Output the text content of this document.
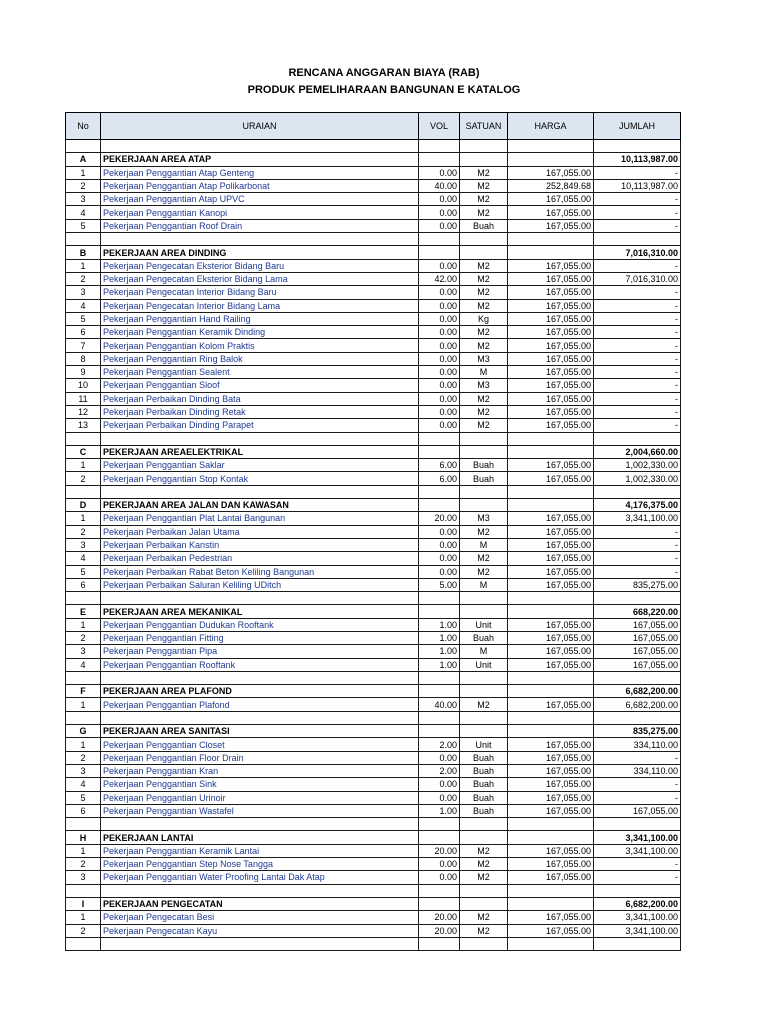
RENCANA ANGGARAN BIAYA (RAB)
PRODUK PEMELIHARAAN BANGUNAN E KATALOG
No	URAIAN	VOL	SATUAN	HARGA	JUMLAH

A	PEKERJAAN AREA ATAP				10,113,987.00
1	Pekerjaan Penggantian Atap Genteng	0.00	M2	167,055.00	-
2	Pekerjaan Penggantian Atap Polikarbonat	40.00	M2	252,849.68	10,113,987.00
3	Pekerjaan Penggantian Atap UPVC	0.00	M2	167,055.00	-
4	Pekerjaan Penggantian Kanopi	0.00	M2	167,055.00	-
5	Pekerjaan Penggantian Roof Drain	0.00	Buah	167,055.00	-

B	PEKERJAAN AREA DINDING				7,016,310.00
1	Pekerjaan Pengecatan Eksterior Bidang Baru	0.00	M2	167,055.00	-
2	Pekerjaan Pengecatan Eksterior Bidang Lama	42.00	M2	167,055.00	7,016,310.00
3	Pekerjaan Pengecatan Interior Bidang Baru	0.00	M2	167,055.00	-
4	Pekerjaan Pengecatan Interior Bidang Lama	0.00	M2	167,055.00	-
5	Pekerjaan Penggantian Hand Railing	0.00	Kg	167,055.00	-
6	Pekerjaan Penggantian Keramik Dinding	0.00	M2	167,055.00	-
7	Pekerjaan Penggantian Kolom Praktis	0.00	M2	167,055.00	-
8	Pekerjaan Penggantian Ring Balok	0.00	M3	167,055.00	-
9	Pekerjaan Penggantian Sealent	0.00	M	167,055.00	-
10	Pekerjaan Penggantian Sloof	0.00	M3	167,055.00	-
11	Pekerjaan Perbaikan Dinding Bata	0.00	M2	167,055.00	-
12	Pekerjaan Perbaikan Dinding Retak	0.00	M2	167,055.00	-
13	Pekerjaan Perbaikan Dinding Parapet	0.00	M2	167,055.00	-

C	PEKERJAAN AREAELEKTRIKAL				2,004,660.00
1	Pekerjaan Penggantian Saklar	6.00	Buah	167,055.00	1,002,330.00
2	Pekerjaan Penggantian Stop Kontak	6.00	Buah	167,055.00	1,002,330.00

D	PEKERJAAN AREA JALAN DAN KAWASAN				4,176,375.00
1	Pekerjaan Penggantian Plat Lantai Bangunan	20.00	M3	167,055.00	3,341,100.00
2	Pekerjaan Perbaikan Jalan Utama	0.00	M2	167,055.00	-
3	Pekerjaan Perbaikan Kanstin	0.00	M	167,055.00	-
4	Pekerjaan Perbaikan Pedestrian	0.00	M2	167,055.00	-
5	Pekerjaan Perbaikan Rabat Beton Keliling Bangunan	0.00	M2	167,055.00	-
6	Pekerjaan Perbaikan Saluran Keliling UDitch	5.00	M	167,055.00	835,275.00

E	PEKERJAAN AREA MEKANIKAL				668,220.00
1	Pekerjaan Penggantian Dudukan Rooftank	1.00	Unit	167,055.00	167,055.00
2	Pekerjaan Penggantian Fitting	1.00	Buah	167,055.00	167,055.00
3	Pekerjaan Penggantian Pipa	1.00	M	167,055.00	167,055.00
4	Pekerjaan Penggantian Rooftank	1.00	Unit	167,055.00	167,055.00

F	PEKERJAAN AREA PLAFOND				6,682,200.00
1	Pekerjaan Penggantian Plafond	40.00	M2	167,055.00	6,682,200.00

G	PEKERJAAN AREA SANITASI				835,275.00
1	Pekerjaan Penggantian Closet	2.00	Unit	167,055.00	334,110.00
2	Pekerjaan Penggantian Floor Drain	0.00	Buah	167,055.00	-
3	Pekerjaan Penggantian Kran	2.00	Buah	167,055.00	334,110.00
4	Pekerjaan Penggantian Sink	0.00	Buah	167,055.00	-
5	Pekerjaan Penggantian Urinoir	0.00	Buah	167,055.00	-
6	Pekerjaan Penggantian Wastafel	1.00	Buah	167,055.00	167,055.00

H	PEKERJAAN LANTAI				3,341,100.00
1	Pekerjaan Penggantian Keramik Lantai	20.00	M2	167,055.00	3,341,100.00
2	Pekerjaan Penggantian Step Nose Tangga	0.00	M2	167,055.00	-
3	Pekerjaan Penggantian Water Proofing Lantai Dak Atap	0.00	M2	167,055.00	-

I	PEKERJAAN PENGECATAN				6,682,200.00
1	Pekerjaan Pengecatan Besi	20.00	M2	167,055.00	3,341,100.00
2	Pekerjaan Pengecatan Kayu	20.00	M2	167,055.00	3,341,100.00
